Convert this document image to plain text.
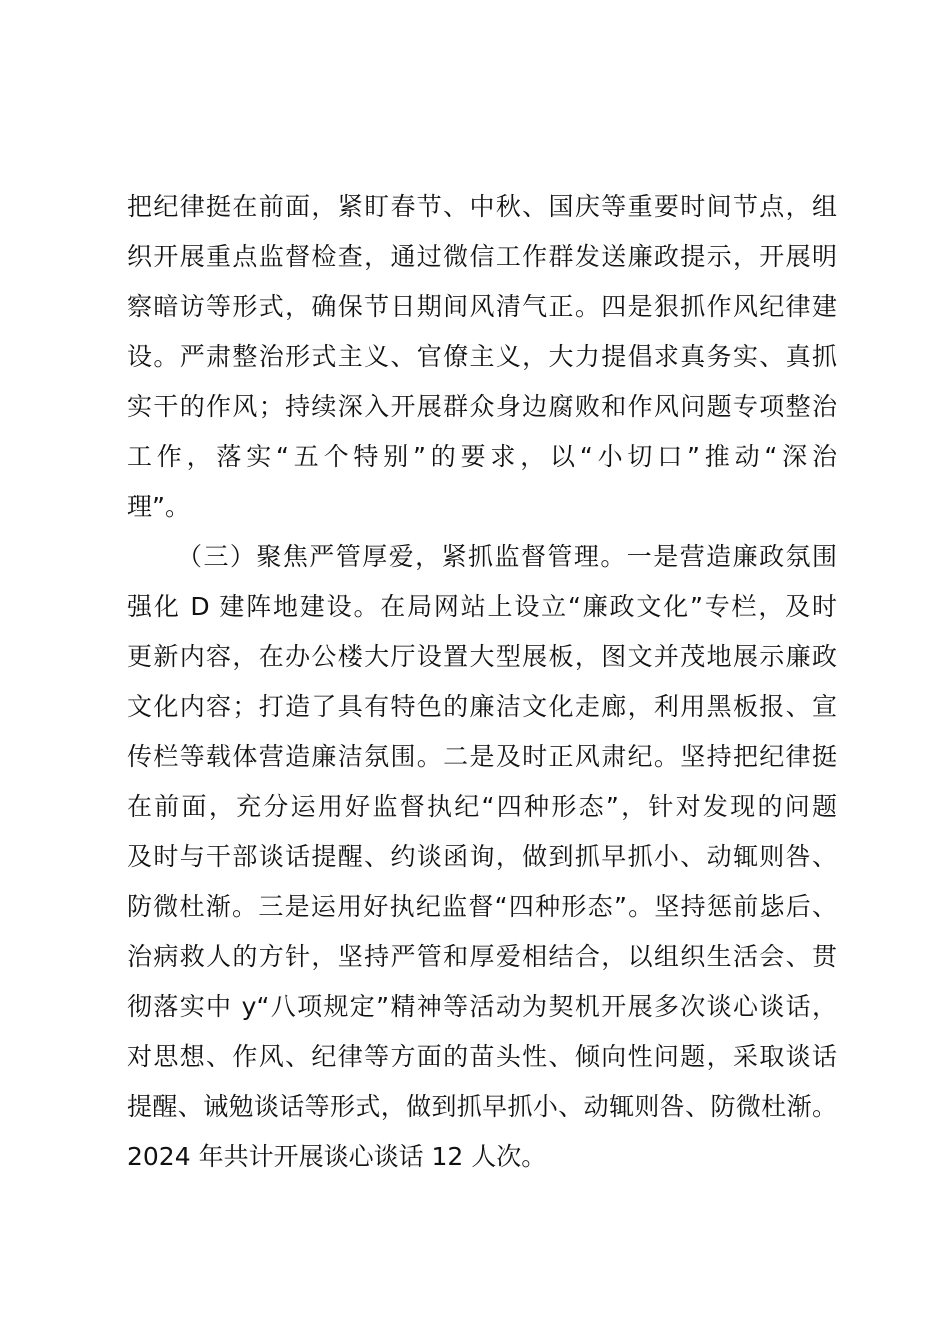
把纪律挺在前面，紧盯春节、中秋、国庆等重要时间节点，组
织开展重点监督检查，通过微信工作群发送廉政提示，开展明
察暗访等形式，确保节日期间风清气正。四是狠抓作风纪律建
设。严肃整治形式主义、官僚主义，大力提倡求真务实、真抓
实干的作风；持续深入开展群众身边腐败和作风问题专项整治
工作，落实“五个特别”的要求，以“小切口”推动“深治
理”。
（三）聚焦严管厚爱，紧抓监督管理。一是营造廉政氛围
强化 D 建阵地建设。在局网站上设立“廉政文化”专栏，及时
更新内容，在办公楼大厅设置大型展板，图文并茂地展示廉政
文化内容；打造了具有特色的廉洁文化走廊，利用黑板报、宣
传栏等载体营造廉洁氛围。二是及时正风肃纪。坚持把纪律挺
在前面，充分运用好监督执纪“四种形态”，针对发现的问题
及时与干部谈话提醒、约谈函询，做到抓早抓小、动辄则咎、
防微杜渐。三是运用好执纪监督“四种形态”。坚持惩前毖后、
治病救人的方针，坚持严管和厚爱相结合，以组织生活会、贯
彻落实中 y“八项规定”精神等活动为契机开展多次谈心谈话，
对思想、作风、纪律等方面的苗头性、倾向性问题，采取谈话
提醒、诫勉谈话等形式，做到抓早抓小、动辄则咎、防微杜渐。
2024 年共计开展谈心谈话 12 人次。
